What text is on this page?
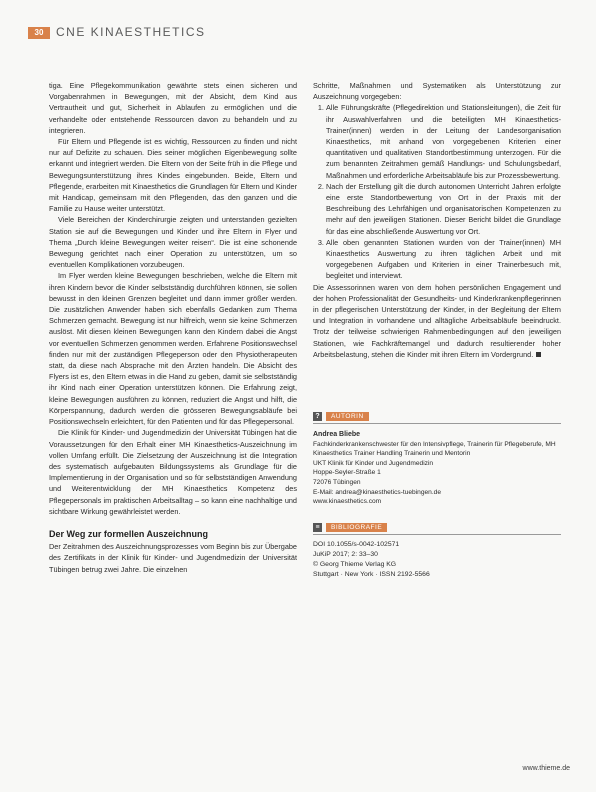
30	CNE KINAESTHETICS

tiga. Eine Pflegekommunikation gewährte stets einen sicheren und Vorgabenrahmen in Bewegungen, mit der Absicht, dem Kind aus Vertrautheit und gut, Sicherheit in Ablaufen zu ermöglichen und die verhandelte oder entstehende Ressourcen davon zu behandeln und zu integrieren.

Für Eltern und Pflegende ist es wichtig, Ressourcen zu finden und nicht nur auf Defizite zu schauen. Dies seiner möglichen Eigenbewegung sollte erkannt und integriert werden. Die Eltern von der Seite früh in die Pflege und Bewegungsunterstützung ihres Kindes eingebunden. Beide, Eltern und Pflegende, erarbeiten mit Kinaesthetics die Grundlagen für Eltern und Kinder mit Handicap, gemeinsam mit den Pflegenden, das den ganzen und die Familie zu Hause weiter unterstützt.

Viele Bereichen der Kinderchirurgie zeigten und unterstanden gezielten Station sie auf die Bewegungen und Kinder und ihre Eltern in Flyer und Thema „Durch kleine Bewegungen weiter reisen“. Die ist eine schonende Bewegung gerichtet nach einer Operation zu unterstützen, um so eventuellen Komplikationen vorzubeugen.

Im Flyer werden kleine Bewegungen beschrieben, welche die Eltern mit ihren Kindern bevor die Kinder selbstständig durchführen können, sie sollen bewusst in den kleinen Grenzen begleitet und dann immer größer werden. Die zusätzlichen Anwender haben sich ebenfalls Gedanken zum Thema Schmerzen gemacht. Bewegung ist nur hilfreich, wenn sie keine Schmerzen auslöst. Mit diesen kleinen Bewegungen kann den Kindern dabei die Angst vor eventuellen Schmerzen genommen werden. Erfahrene Positionswechsel finden nur mit der zuständigen Pflegeperson oder den Physiotherapeuten statt, da diese nach Absprache mit den Ärzten handeln. Die Absicht des Flyers ist es, den Eltern etwas in die Hand zu geben, damit sie selbstständig ihr Kind nach einer Operation unterstützen können. Die Erfahrung zeigt, kleine Bewegungen ausführen zu können, reduziert die Angst und hilft, die Körperspannung, dadurch werden die grösseren Bewegungsabläufe bei Positionswechseln erleichtert, für den Patienten und für das Pflegepersonal.

Die Klinik für Kinder- und Jugendmedizin der Universität Tübingen hat die Voraussetzungen für den Erhalt einer MH Kinaesthetics-Auszeichnung im vollen Umfang erfüllt. Die Zielsetzung der Auszeichnung ist die Integration des systematisch aufgebauten Bildungssystems als Grundlage für die Implementierung in der Organisation und so für selbstständigen Anwendung und Weiterentwicklung der MH Kinaesthetics Kompetenz des Pflegepersonals im praktischen Arbeitsalltag – so kann eine nachhaltige und sichtbare Wirkung gewährleistet werden.

Der Weg zur formellen Auszeichnung

Der Zeitrahmen des Auszeichnungsprozesses vom Beginn bis zur Übergabe des Zertifikats in der Klinik für Kinder- und Jugendmedizin der Universität Tübingen betrug zwei Jahre. Die einzelnen

Schritte, Maßnahmen und Systematiken als Unterstützung zur Auszeichnung vorgegeben:

1. Alle Führungskräfte (Pflegedirektion und Stationsleitungen), die Zeit für ihr Auswahlverfahren und die beteiligten MH Kinaesthetics-Trainer(innen) werden in der Leitung der Landesorganisation Kinaesthetics, mit anhand von vorgegebenen Kriterien einer quantitativen und qualitativen Standortbestimmung unterzogen. Für die zum benannten Zeitrahmen gemäß Handlungs- und Schulungsbedarf, Maßnahmen und erforderliche Arbeitsabläufe bis zur Prozessbewertung.
2. Nach der Erstellung gilt die durch autonomen Unterricht Jahren erfolgte eine erste Standortbewertung von Ort in der Praxis mit der Beschreibung des Lehrfähigen und organisatorischen Kompetenzen zu mehr auf den jeweiligen Stationen. Dieser Bericht bildet die Grundlage für das eine abschließende Auswertung vor Ort.
3. Alle oben genannten Stationen wurden von der Trainer(innen) MH Kinaesthetics Auswertung zu ihren täglichen Arbeit und mit vorgegebenen Aufgaben und Kriterien in einer Trainerbesuch mit, begleitet und interviewt.

Die Assessorinnen waren von dem hohen persönlichen Engagement und der hohen Professionalität der Gesundheits- und Kinderkrankenpflegerinnen in der pflegerischen Unterstützung der Kinder, in der Begleitung der Eltern und Integration in vorhandene und alltägliche Arbeitsabläufe beeindruckt. Trotz der teilweise schwierigen Rahmenbedingungen auf den jeweiligen Stationen, wie Fachkräftemangel und dadurch resultierender hoher Arbeitsbelastung, stehen die Kinder mit ihren Eltern im Vordergrund.

?	AUTORIN
Andrea Bliebe
Fachkinderkrankenschwester für den Intensivpflege, Trainerin für Pflegeberufe, MH
Kinaesthetics Trainer Handling Trainerin und Mentorin
UKT Klinik für Kinder und Jugendmedizin
Hoppe-Seyler-Straße 1
72076 Tübingen
E-Mail: andrea@kinaesthetics-tuebingen.de
www.kinaesthetics.com
≡	BIBLIOGRAFIE
DOI 10.1055/s-0042-102571
JuKiP 2017; 2: 33–30
© Georg Thieme Verlag KG
Stuttgart · New York · ISSN 2192-5566
www.thieme.de
